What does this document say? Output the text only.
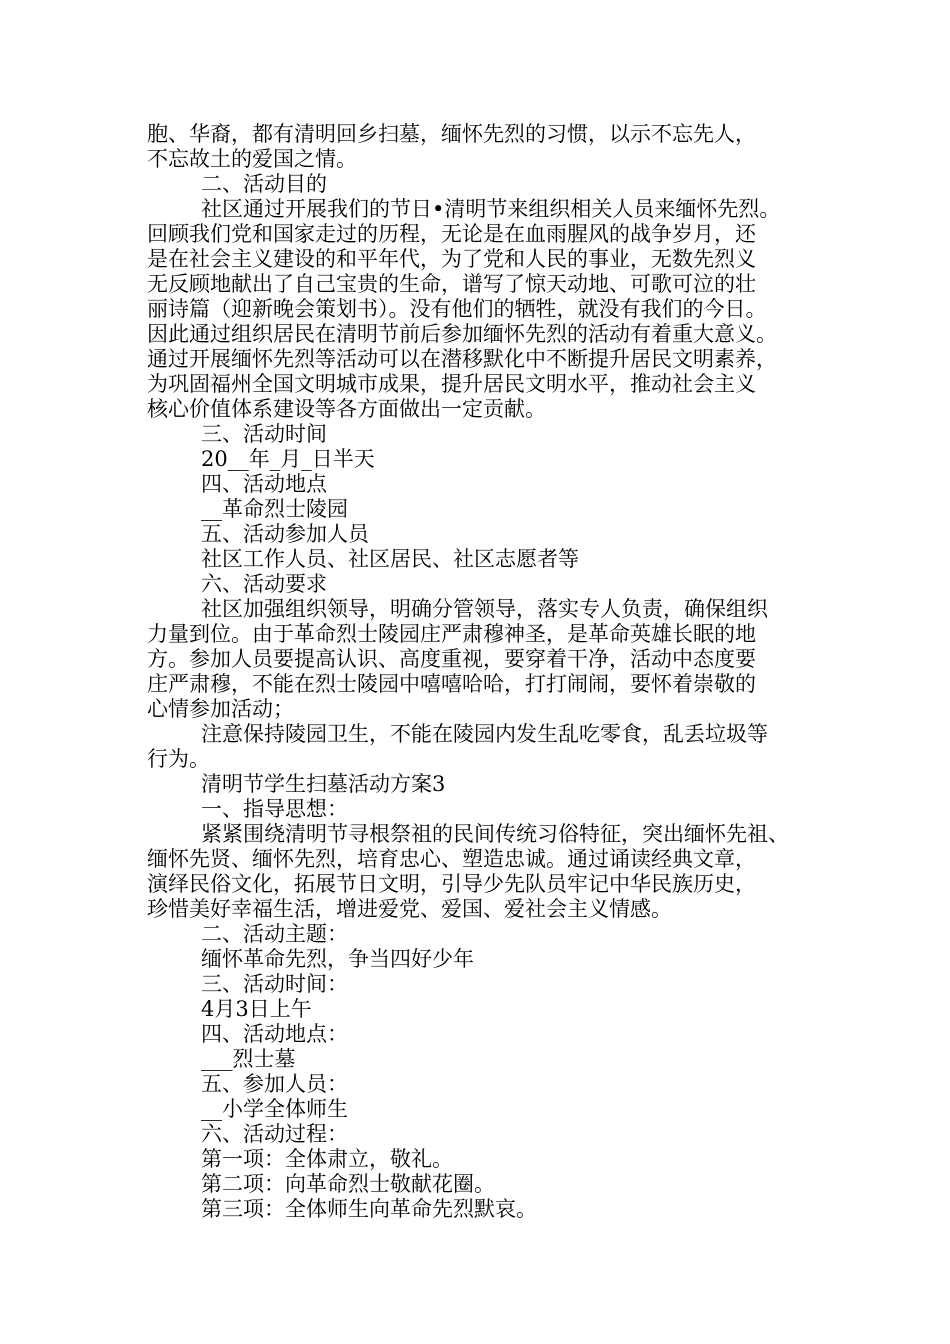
胞、华裔，都有清明回乡扫墓，缅怀先烈的习惯，以示不忘先人，
不忘故土的爱国之情。
二、活动目的
社区通过开展我们的节日•清明节来组织相关人员来缅怀先烈。
回顾我们党和国家走过的历程，无论是在血雨腥风的战争岁月，还
是在社会主义建设的和平年代，为了党和人民的事业，无数先烈义
无反顾地献出了自己宝贵的生命，谱写了惊天动地、可歌可泣的壮
丽诗篇（迎新晚会策划书）。没有他们的牺牲，就没有我们的今日。
因此通过组织居民在清明节前后参加缅怀先烈的活动有着重大意义。
通过开展缅怀先烈等活动可以在潜移默化中不断提升居民文明素养，
为巩固福州全国文明城市成果，提升居民文明水平，推动社会主义
核心价值体系建设等各方面做出一定贡献。
三、活动时间
20__年_月_日半天
四、活动地点
__革命烈士陵园
五、活动参加人员
社区工作人员、社区居民、社区志愿者等
六、活动要求
社区加强组织领导，明确分管领导，落实专人负责，确保组织
力量到位。由于革命烈士陵园庄严肃穆神圣，是革命英雄长眠的地
方。参加人员要提高认识、高度重视，要穿着干净，活动中态度要
庄严肃穆，不能在烈士陵园中嘻嘻哈哈，打打闹闹，要怀着崇敬的
心情参加活动；
注意保持陵园卫生，不能在陵园内发生乱吃零食，乱丢垃圾等
行为。
清明节学生扫墓活动方案3
一、指导思想：
紧紧围绕清明节寻根祭祖的民间传统习俗特征，突出缅怀先祖、
缅怀先贤、缅怀先烈，培育忠心、塑造忠诚。通过诵读经典文章，
演绎民俗文化，拓展节日文明，引导少先队员牢记中华民族历史，
珍惜美好幸福生活，增进爱党、爱国、爱社会主义情感。
二、活动主题：
缅怀革命先烈，争当四好少年
三、活动时间：
4月3日上午
四、活动地点：
___烈士墓
五、参加人员：
__小学全体师生
六、活动过程：
第一项：全体肃立，敬礼。
第二项：向革命烈士敬献花圈。
第三项：全体师生向革命先烈默哀。
